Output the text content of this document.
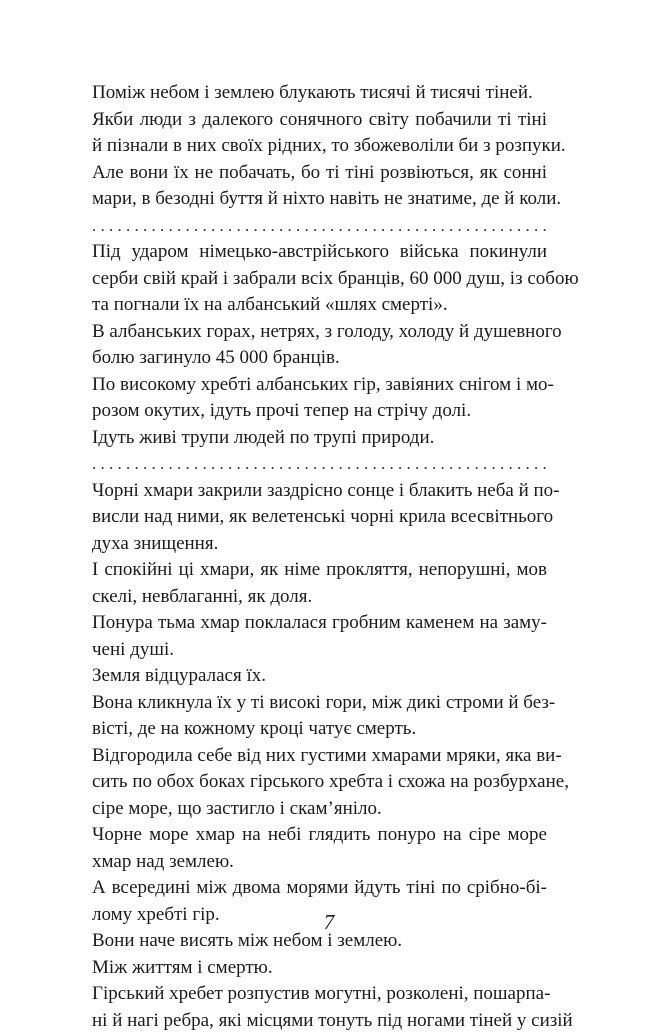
Поміж небом і землею блукають тисячі й тисячі тіней.
Якби люди з далекого сонячного світу побачили ті тіні
й пізнали в них своїх рідних, то збожеволіли би з розпуки.
Але вони їх не побачать, бо ті тіні розвіються, як сонні
мари, в безодні буття й ніхто навіть не знатиме, де й коли.
. . . . . . . . . . . . . . . . . . . . . . . . . . . . . . . . . . . . . . . . . . . . . . . . . . . . . .
Під ударом німецько-австрійського війська покинули
серби свій край і забрали всіх бранців, 60 000 душ, із собою
та погнали їх на албанський «шлях смерті».
В албанських горах, нетрях, з голоду, холоду й душевного
болю загинуло 45 000 бранців.
По високому хребті албанських гір, завіяних снігом і мо-
розом окутих, ідуть прочі тепер на стрічу долі.
Ідуть живі трупи людей по трупі природи.
. . . . . . . . . . . . . . . . . . . . . . . . . . . . . . . . . . . . . . . . . . . . . . . . . . . . . .
Чорні хмари закрили заздрісно сонце і блакить неба й по-
висли над ними, як велетенські чорні крила всесвітнього
духа знищення.
І спокійні ці хмари, як німе прокляття, непорушні, мов
скелі, невблаганні, як доля.
Понура тьма хмар поклалася гробним каменем на заму-
чені душі.
Земля відцуралася їх.
Вона кликнула їх у ті високі гори, між дикі строми й без-
вісті, де на кожному кроці чатує смерть.
Відгородила себе від них густими хмарами мряки, яка ви-
сить по обох боках гірського хребта і схожа на розбурхане,
сіре море, що застигло і скам’яніло.
Чорне море хмар на небі глядить понуро на сіре море
хмар над землею.
А всередині між двома морями йдуть тіні по срібно-бі-
лому хребті гір.
Вони наче висять між небом і землею.
Між життям і смертю.
Гірський хребет розпустив могутні, розколені, пошарпа-
ні й нагі ребра, які місцями тонуть під ногами тіней у сизій
7
